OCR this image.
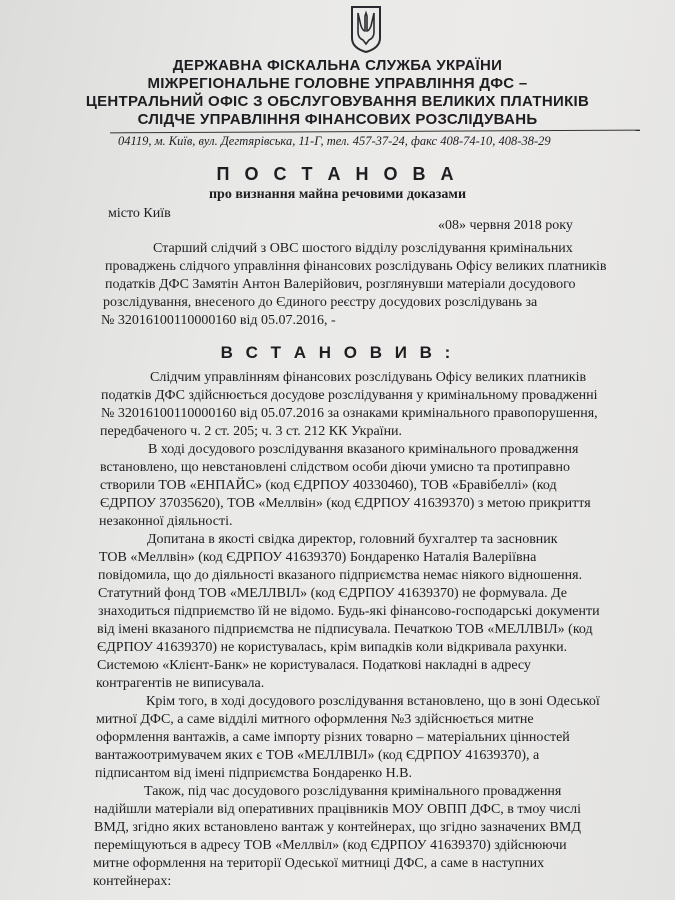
ДЕРЖАВНА ФІСКАЛЬНА СЛУЖБА УКРАЇНИ
МІЖРЕГІОНАЛЬНЕ ГОЛОВНЕ УПРАВЛІННЯ ДФС –
ЦЕНТРАЛЬНИЙ ОФІС З ОБСЛУГОВУВАННЯ ВЕЛИКИХ ПЛАТНИКІВ
СЛІДЧЕ УПРАВЛІННЯ ФІНАНСОВИХ РОЗСЛІДУВАНЬ
04119, м. Київ, вул. Дегтярівська, 11-Г, тел. 457-37-24, факс 408-74-10, 408-38-29
П О С Т А Н О В А
про визнання майна речовими доказами
місто Київ
«08» червня 2018 року
Старший слідчий з ОВС шостого відділу розслідування кримінальних
проваджень слідчого управління фінансових розслідувань Офісу великих платників
податків ДФС Замятін Антон Валерійович, розглянувши матеріали досудового
розслідування, внесеного до Єдиного реєстру досудових розслідувань за
№ 32016100110000160 від 05.07.2016, -
В С Т А Н О В И В :
Слідчим управлінням фінансових розслідувань Офісу великих платників
податків ДФС здійснюється досудове розслідування у кримінальному провадженні
№ 32016100110000160 від 05.07.2016 за ознаками кримінального правопорушення,
передбаченого ч. 2 ст. 205; ч. 3 ст. 212 КК України.
В ході досудового розслідування вказаного кримінального провадження
встановлено, що невстановлені слідством особи діючи умисно та протиправно
створили ТОВ «ЕНПАЙС» (код ЄДРПОУ 40330460), ТОВ «Бравібеллі» (код
ЄДРПОУ 37035620), ТОВ «Меллвін» (код ЄДРПОУ 41639370) з метою прикриття
незаконної діяльності.
Допитана в якості свідка директор, головний бухгалтер та засновник
ТОВ «Меллвін» (код ЄДРПОУ 41639370) Бондаренко Наталія Валеріївна
повідомила, що до діяльності вказаного підприємства немає ніякого відношення.
Статутний фонд ТОВ «МЕЛЛВІЛ» (код ЄДРПОУ 41639370) не формувала. Де
знаходиться підприємство їй не відомо. Будь-які фінансово-господарські документи
від імені вказаного підприємства не підписувала. Печаткою ТОВ «МЕЛЛВІЛ» (код
ЄДРПОУ 41639370) не користувалась, крім випадків коли відкривала рахунки.
Системою «Клієнт-Банк» не користувалася. Податкові накладні в адресу
контрагентів не виписувала.
Крім того, в ході досудового розслідування встановлено, що в зоні Одеської
митної ДФС, а саме відділі митного оформлення №3 здійснюється митне
оформлення вантажів, а саме імпорту різних товарно – матеріальних цінностей
вантажоотримувачем яких є ТОВ «МЕЛЛВІЛ» (код ЄДРПОУ 41639370), а
підписантом від імені підприємства Бондаренко Н.В.
Також, під час досудового розслідування кримінального провадження
надійшли матеріали від оперативних працівників МОУ ОВПП ДФС, в тмоу числі
ВМД, згідно яких встановлено вантаж у контейнерах, що згідно зазначених ВМД
переміщуються в адресу ТОВ «Меллвіл» (код ЄДРПОУ 41639370) здійснюючи
митне оформлення на території Одеської митниці ДФС, а саме в наступних
контейнерах:
